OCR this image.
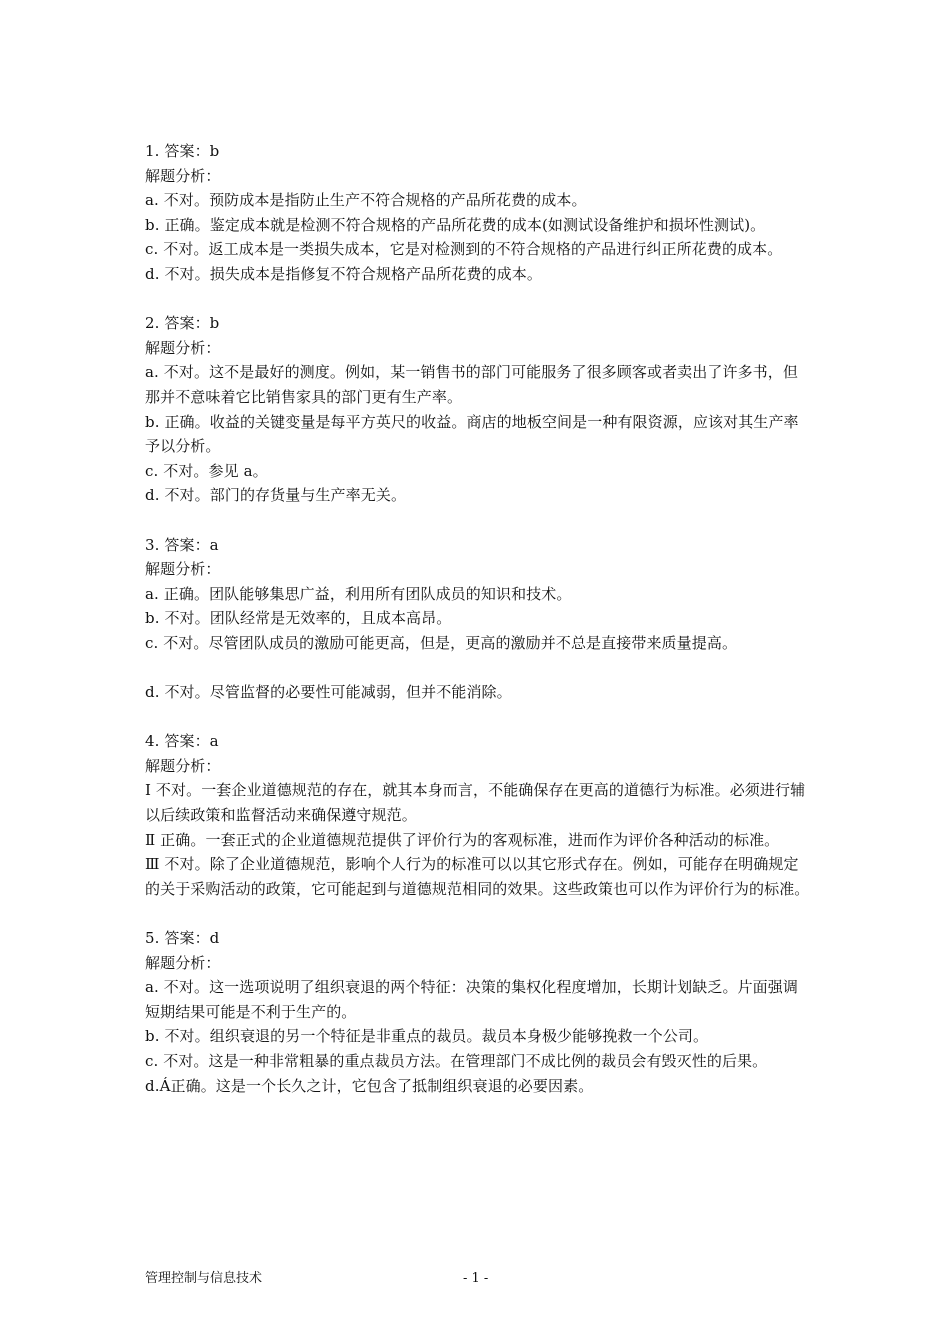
1. 答案：b

解题分析：

a. 不对。预防成本是指防止生产不符合规格的产品所花费的成本。

b. 正确。鉴定成本就是检测不符合规格的产品所花费的成本(如测试设备维护和损坏性测试)。

c. 不对。返工成本是一类损失成本，它是对检测到的不符合规格的产品进行纠正所花费的成本。

d. 不对。损失成本是指修复不符合规格产品所花费的成本。

2. 答案：b

解题分析：

a. 不对。这不是最好的测度。例如，某一销售书的部门可能服务了很多顾客或者卖出了许多书，但那并不意味着它比销售家具的部门更有生产率。

b. 正确。收益的关键变量是每平方英尺的收益。商店的地板空间是一种有限资源，应该对其生产率予以分析。

c. 不对。参见 a。

d. 不对。部门的存货量与生产率无关。

3. 答案：a

解题分析：

a. 正确。团队能够集思广益，利用所有团队成员的知识和技术。

b. 不对。团队经常是无效率的，且成本高昂。

c. 不对。尽管团队成员的激励可能更高，但是，更高的激励并不总是直接带来质量提高。

d. 不对。尽管监督的必要性可能减弱，但并不能消除。

4. 答案：a

解题分析：

Ⅰ 不对。一套企业道德规范的存在，就其本身而言，不能确保存在更高的道德行为标准。必须进行辅以后续政策和监督活动来确保遵守规范。

Ⅱ 正确。一套正式的企业道德规范提供了评价行为的客观标准，进而作为评价各种活动的标准。

Ⅲ 不对。除了企业道德规范，影响个人行为的标准可以以其它形式存在。例如，可能存在明确规定的关于采购活动的政策，它可能起到与道德规范相同的效果。这些政策也可以作为评价行为的标准。

5. 答案：d

解题分析：

a. 不对。这一选项说明了组织衰退的两个特征：决策的集权化程度增加，长期计划缺乏。片面强调短期结果可能是不利于生产的。

b. 不对。组织衰退的另一个特征是非重点的裁员。裁员本身极少能够挽救一个公司。

c. 不对。这是一种非常粗暴的重点裁员方法。在管理部门不成比例的裁员会有毁灭性的后果。

d.Á正确。这是一个长久之计，它包含了抵制组织衰退的必要因素。

管理控制与信息技术	- 1 -
